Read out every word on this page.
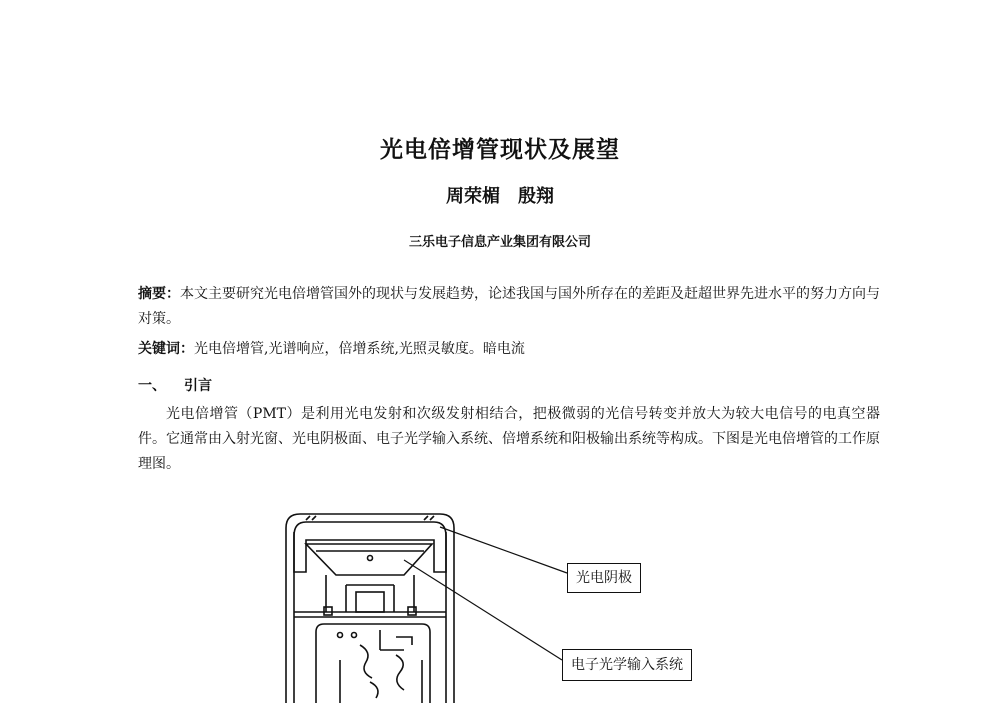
光电倍增管现状及展望
周荣楣　殷翔
三乐电子信息产业集团有限公司
摘要：本文主要研究光电倍增管国外的现状与发展趋势，论述我国与国外所存在的差距及赶超世界先进水平的努力方向与对策。
关键词：光电倍增管,光谱响应，倍增系统,光照灵敏度。暗电流
一、 引言
光电倍增管（PMT）是利用光电发射和次级发射相结合，把极微弱的光信号转变并放大为较大电信号的电真空器件。它通常由入射光窗、光电阴极面、电子光学输入系统、倍增系统和阳极输出系统等构成。下图是光电倍增管的工作原理图。
光电阴极
电子光学输入系统
